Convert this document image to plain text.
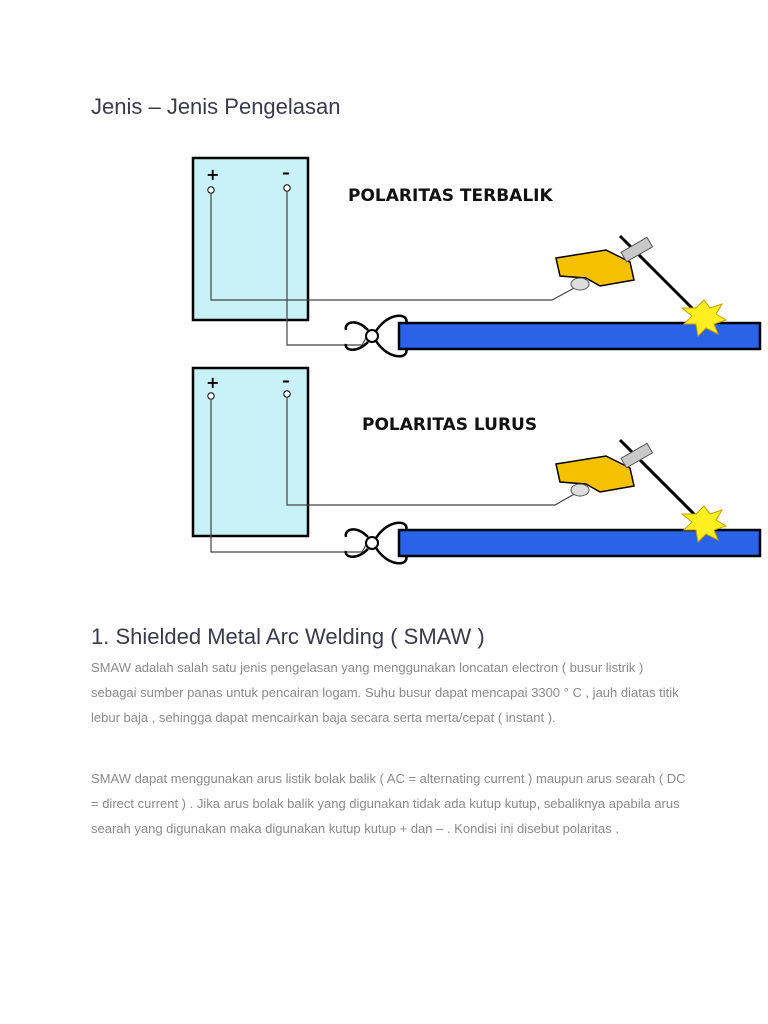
Jenis – Jenis Pengelasan
+	–
POLARITAS TERBALIK
+	–
POLARITAS LURUS
1. Shielded Metal Arc Welding ( SMAW )

SMAW adalah salah satu jenis pengelasan yang menggunakan loncatan electron ( busur listrik ) sebagai sumber panas untuk pencairan logam. Suhu busur dapat mencapai 3300 ° C , jauh diatas titik lebur baja , sehingga dapat mencairkan baja secara serta merta/cepat ( instant ).

SMAW dapat menggunakan arus listik bolak balik ( AC = alternating current ) maupun arus searah ( DC = direct current ) . Jika arus bolak balik yang digunakan tidak ada kutup kutup, sebaliknya apabila arus searah yang digunakan maka digunakan kutup kutup + dan – . Kondisi ini disebut polaritas .
